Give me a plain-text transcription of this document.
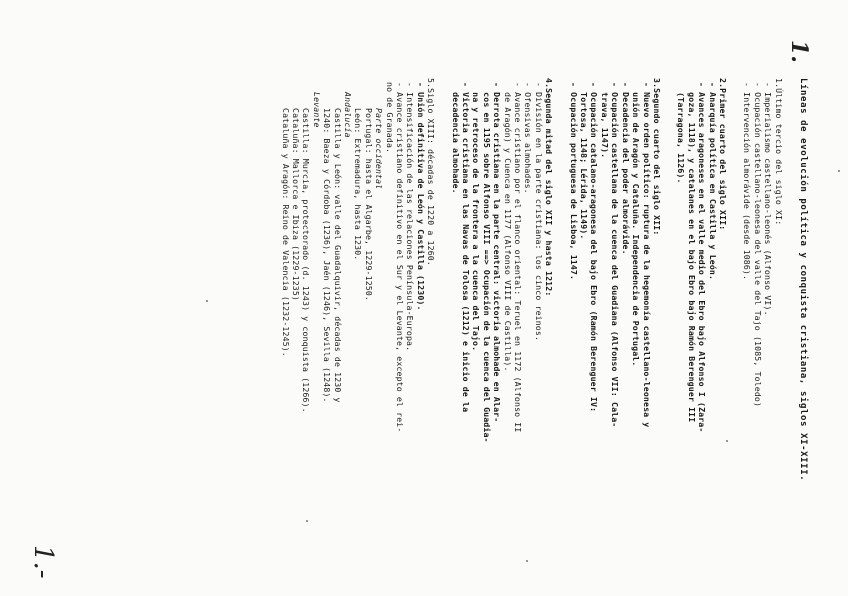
1.
1.-
Líneas de evolución política y conquista cristiana, siglos XI-XIII.
1.Último tercio del siglo XI:
- Imperialismo castellano-leonés (Alfonso VI).
- Ocupación castellano-leonesa del valle del Tajo (1085, Toledo)
- Intervención almorávide (desde 1086).
2.Primer cuarto del siglo XII:
- Anarquía política en Castilla y León.
- Avances aragoneses en el valle medio del Ebro bajo Alfonso I (Zara-
goza, 1118), y catalanes en el bajo Ebro bajo Ramón Berenguer III
(Tarragona, 1126).
3.Segundo cuarto del siglo XII:
- Nuevo orden político: ruptura de la hegemonía castellano-leonesa y
unión de Aragón y Cataluña. Independencia de Portugal.
- Decadencia del poder almorávide.
- Ocupación castellana de la cuenca del Guadiana (Alfonso VII: Cala-
trava, 1147).
- Ocupación catalano-aragonesa del bajo Ebro (Ramón Berenguer IV:
Tortosa, 1148; Lérida, 1149).
- Ocupación portuguesa de Lisboa, 1147.
4.Segunda mitad del siglo XII y hasta 1212:
- División en la parte cristiana: los cinco reinos.
- Ofensivas almohades.
- Avance cristiano por el flanco oriental: Teruel en 1172 (Alfonso II
de Aragón) y Cuenca en 1177 (Alfonso VIII de Castilla).
- Derrota cristiana en la parte central: victoria almohade en Alar-
cos en 1195 sobre Alfonso VIII ==> Ocupación de la cuenca del Guadia-
na y retroceso de la frontera a la cuenca del Tajo.
- Victoria cristiana en las Navas de Tolosa (1212) e inicio de la
decadencia almohade.
5.Siglo XIII: décadas de 1220 a 1260.
- Unión definitiva de León y Castilla (1230).
- Intensificación de las relaciones Península-Europa.
- Avance cristiano definitivo en el Sur y el Levante, excepto el rei-
no de Granada.
Parte occidental
Portugal: hasta el Algarbe, 1229-1250.
León: Extremadura, hasta 1230.
Andalucía
Castilla y León: valle del Guadalquivir, décadas de 1230 y
1240: Baeza y Córdoba (1236), Jaén (1246), Sevilla (1248).
Levante
Castilla: Murcia, protectorado (d. 1243) y conquista (1266).
Cataluña: Mallorca e Ibiza (1229-1235)
Cataluña y Aragón: Reino de Valencia (1232-1245).
